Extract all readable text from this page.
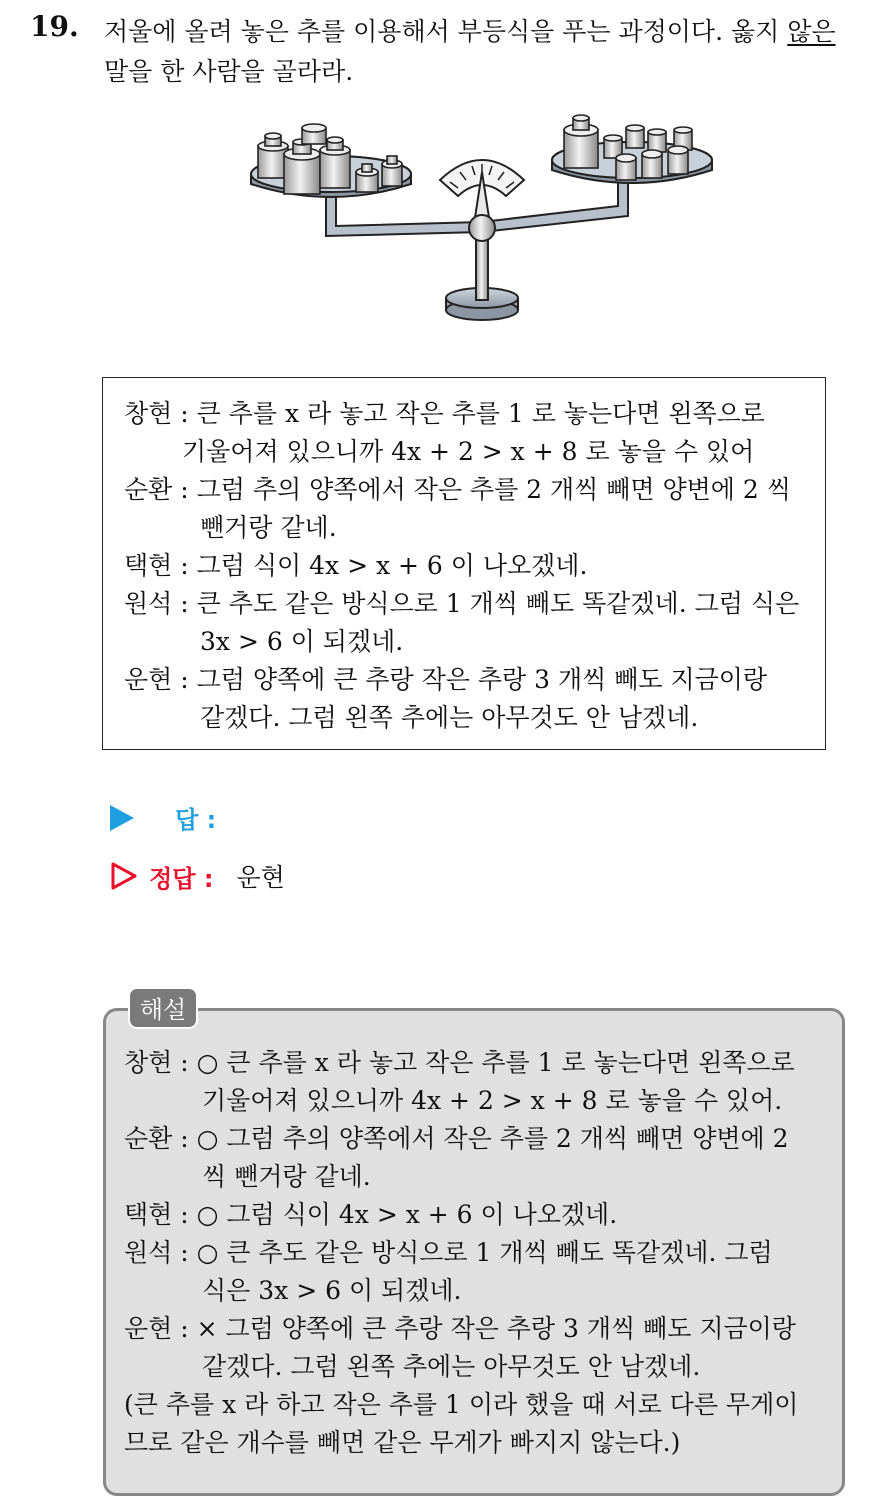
19. 저울에 올려 놓은 추를 이용해서 부등식을 푸는 과정이다. 옳지 않은
말을 한 사람을 골라라.
창현 : 큰 추를 x 라 놓고 작은 추를 1 로 놓는다면 왼쪽으로
기울어져 있으니까 4x + 2 > x + 8 로 놓을 수 있어
순환 : 그럼 추의 양쪽에서 작은 추를 2 개씩 빼면 양변에 2 씩
뺀거랑 같네.
택현 : 그럼 식이 4x > x + 6 이 나오겠네.
원석 : 큰 추도 같은 방식으로 1 개씩 빼도 똑같겠네. 그럼 식은
3x > 6 이 되겠네.
운현 : 그럼 양쪽에 큰 추랑 작은 추랑 3 개씩 빼도 지금이랑
같겠다. 그럼 왼쪽 추에는 아무것도 안 남겠네.
답 :
정답 : 운현
해설
창현 : ○ 큰 추를 x 라 놓고 작은 추를 1 로 놓는다면 왼쪽으로
기울어져 있으니까 4x + 2 > x + 8 로 놓을 수 있어.
순환 : ○ 그럼 추의 양쪽에서 작은 추를 2 개씩 빼면 양변에 2
씩 뺀거랑 같네.
택현 : ○ 그럼 식이 4x > x + 6 이 나오겠네.
원석 : ○ 큰 추도 같은 방식으로 1 개씩 빼도 똑같겠네. 그럼
식은 3x > 6 이 되겠네.
운현 : × 그럼 양쪽에 큰 추랑 작은 추랑 3 개씩 빼도 지금이랑
같겠다. 그럼 왼쪽 추에는 아무것도 안 남겠네.
(큰 추를 x 라 하고 작은 추를 1 이라 했을 때 서로 다른 무게이
므로 같은 개수를 빼면 같은 무게가 빠지지 않는다.)
